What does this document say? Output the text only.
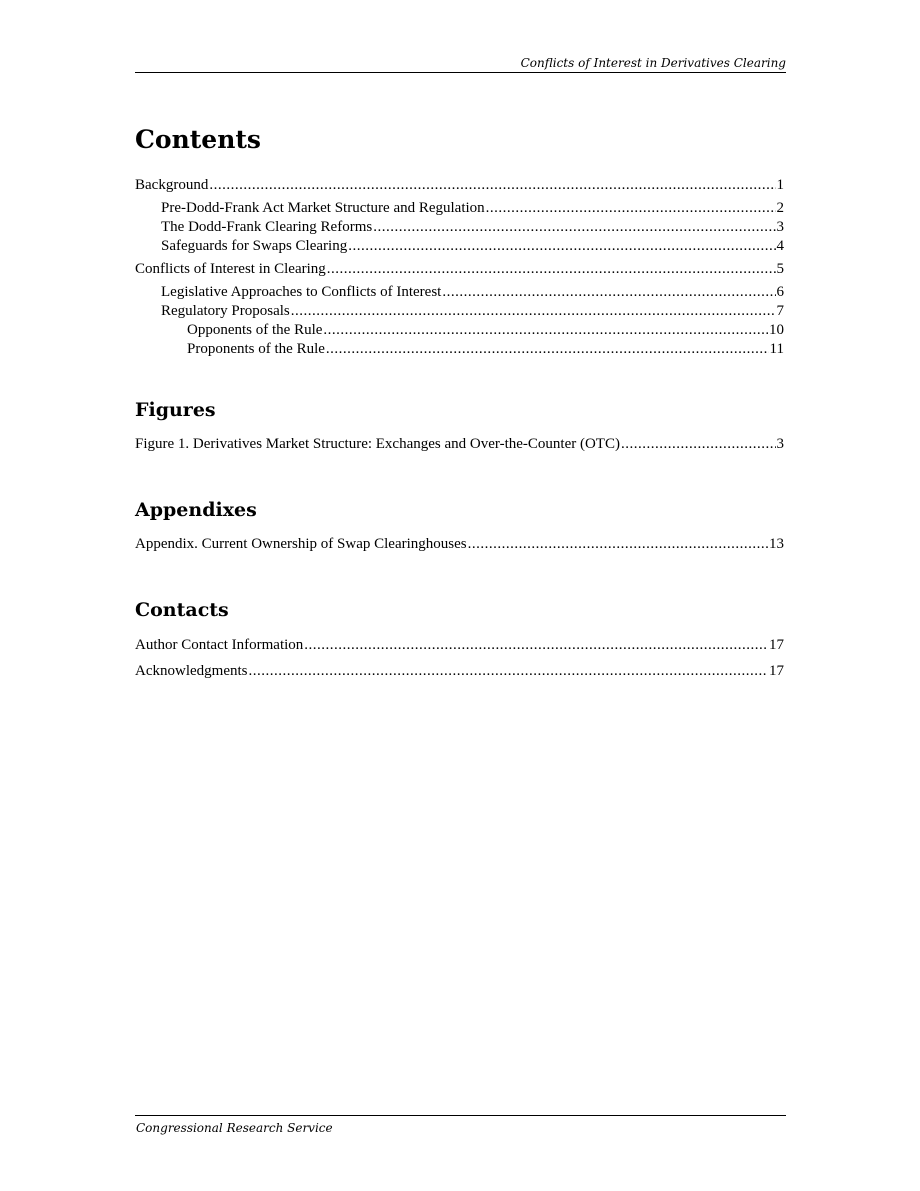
Conflicts of Interest in Derivatives Clearing
Contents
Background .....	1
Pre-Dodd-Frank Act Market Structure and Regulation .....	2
The Dodd-Frank Clearing Reforms .....	3
Safeguards for Swaps Clearing .....	4
Conflicts of Interest in Clearing .....	5
Legislative Approaches to Conflicts of Interest .....	6
Regulatory Proposals .....	7
Opponents of the Rule .....	10
Proponents of the Rule .....	11
Figures
Figure 1. Derivatives Market Structure: Exchanges and Over-the-Counter (OTC) .....	3
Appendixes
Appendix. Current Ownership of Swap Clearinghouses .....	13
Contacts
Author Contact Information .....	17
Acknowledgments .....	17
Congressional Research Service
